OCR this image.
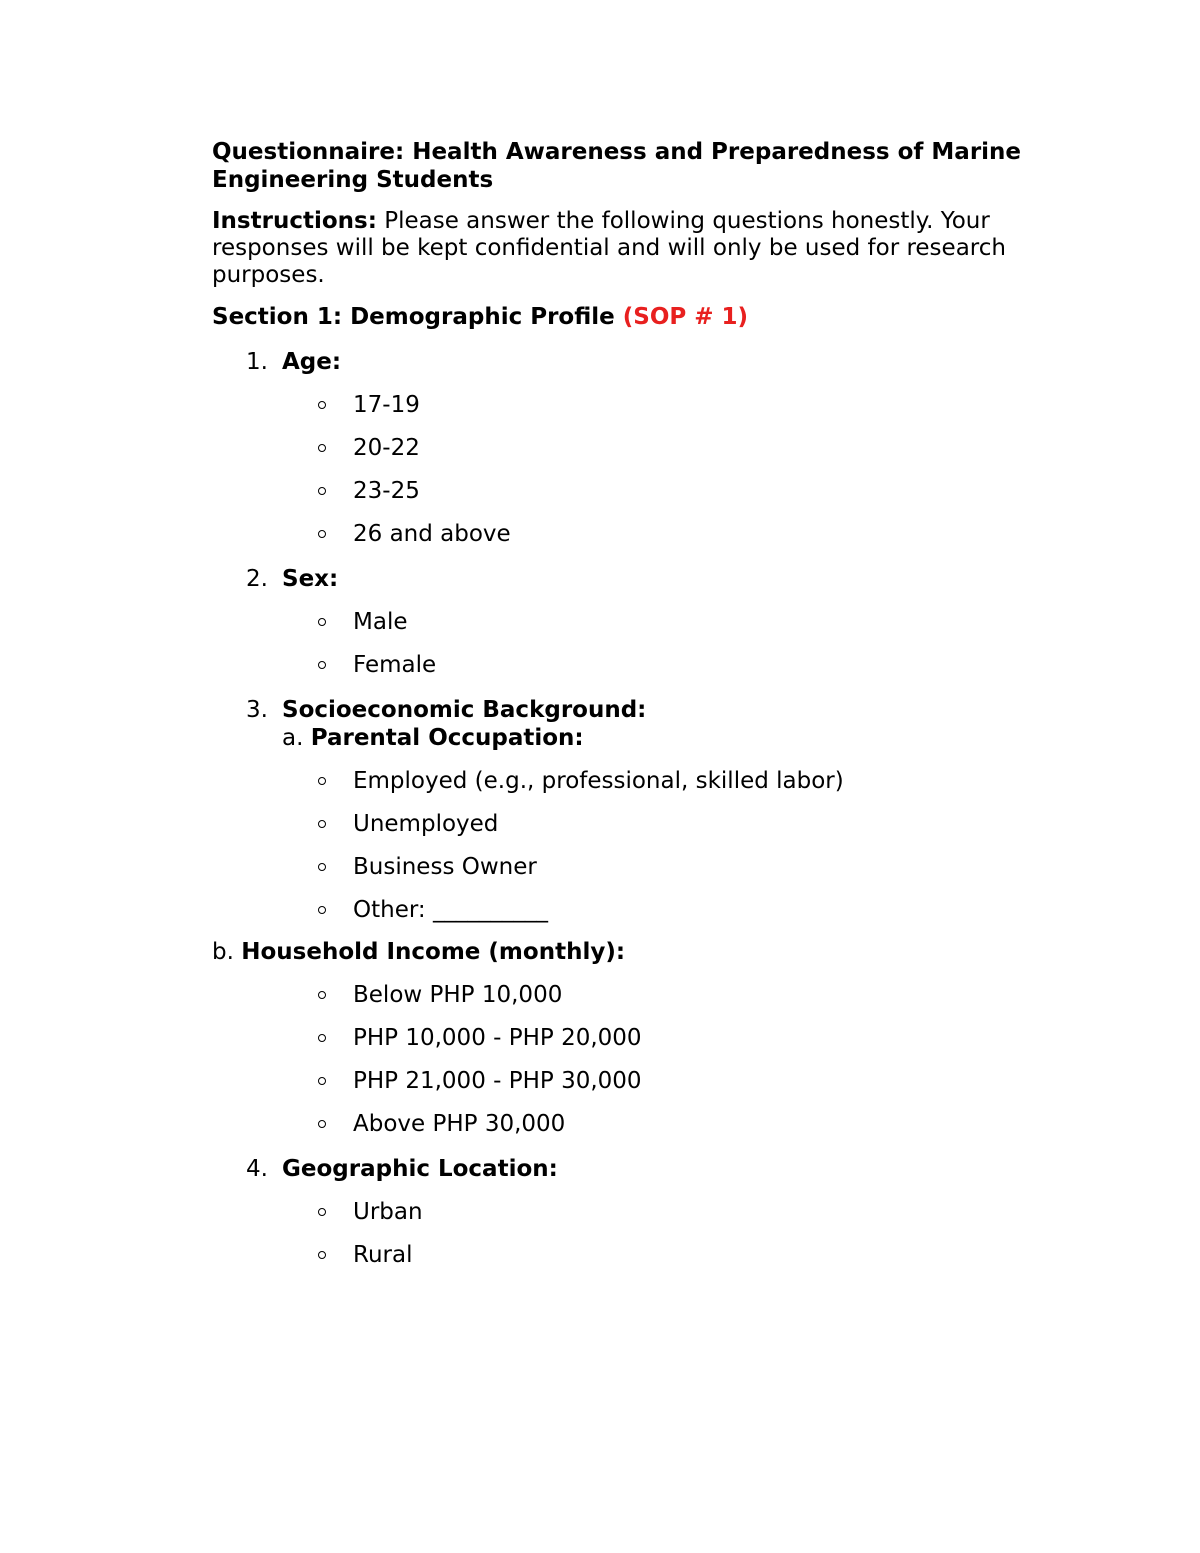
Questionnaire: Health Awareness and Preparedness of Marine Engineering Students

Instructions: Please answer the following questions honestly. Your responses will be kept confidential and will only be used for research purposes.

Section 1: Demographic Profile (SOP # 1)
1. Age:
17-19
20-22
23-25
26 and above
2. Sex:
Male
Female
3. Socioeconomic Background:
a. Parental Occupation:
Employed (e.g., professional, skilled labor)
Unemployed
Business Owner
Other: __________
b. Household Income (monthly):
Below PHP 10,000
PHP 10,000 - PHP 20,000
PHP 21,000 - PHP 30,000
Above PHP 30,000
4. Geographic Location:
Urban
Rural
